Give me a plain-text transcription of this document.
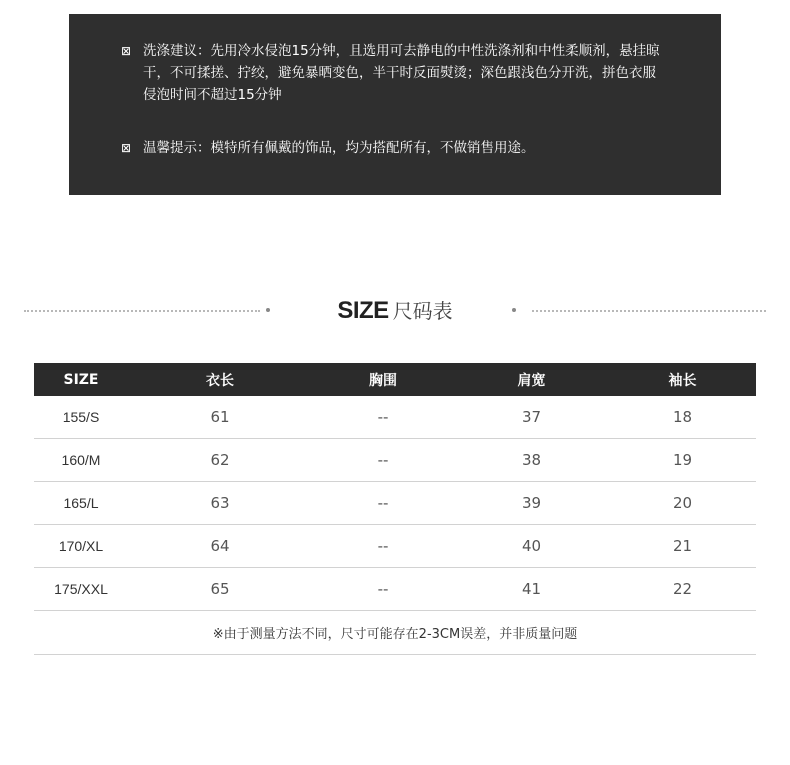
⊠ 洗涤建议：先用冷水侵泡15分钟，且选用可去静电的中性洗涤剂和中性柔顺剂，悬挂晾干，不可揉搓、拧绞，避免暴晒变色，半干时反面熨烫；深色跟浅色分开洗，拼色衣服侵泡时间不超过15分钟
⊠ 温馨提示：模特所有佩戴的饰品，均为搭配所有，不做销售用途。
SIZE 尺码表
SIZE	衣长	胸围	肩宽	袖长
155/S	61	--	37	18
160/M	62	--	38	19
165/L	63	--	39	20
170/XL	64	--	40	21
175/XXL	65	--	41	22
※由于测量方法不同，尺寸可能存在2-3CM误差，并非质量问题				
